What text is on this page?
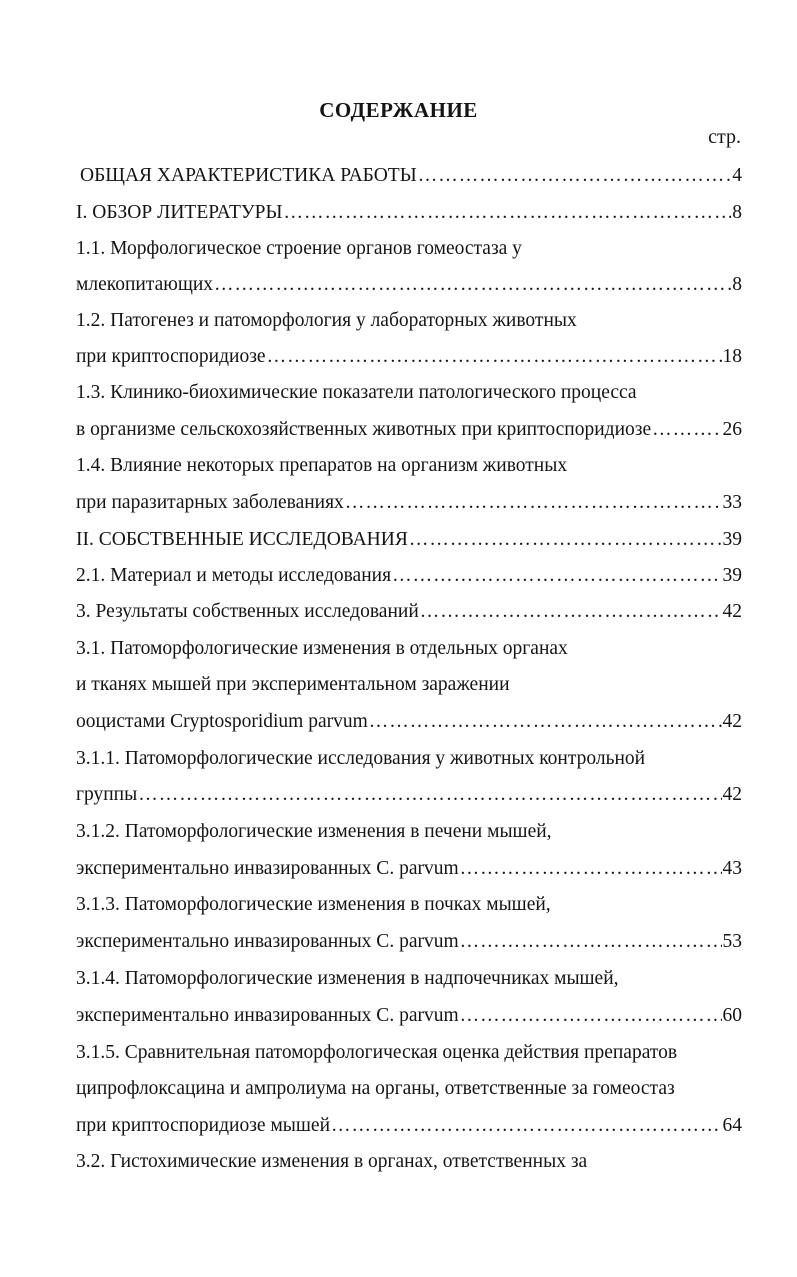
СОДЕРЖАНИЕ
стр.
ОБЩАЯ ХАРАКТЕРИСТИКА РАБОТЫ ……………………………………………………………………………………………………………………………………………	4
I. ОБЗОР ЛИТЕРАТУРЫ ……………………………………………………………………………………………………………………………………………	8
1.1. Морфологическое строение органов гомеостаза у
млекопитающих ……………………………………………………………………………………………………………………………………………	8
1.2. Патогенез и патоморфология у лабораторных животных
при криптоспоридиозе ……………………………………………………………………………………………………………………………………………	18
1.3. Клинико-биохимические показатели патологического процесса
в организме сельскохозяйственных животных при криптоспоридиозе ……………………………………………………………………………………………………………………………………………	26
1.4. Влияние некоторых препаратов на организм животных
при паразитарных заболеваниях ……………………………………………………………………………………………………………………………………………	33
II. СОБСТВЕННЫЕ ИССЛЕДОВАНИЯ ……………………………………………………………………………………………………………………………………………	39
2.1. Материал и методы исследования ……………………………………………………………………………………………………………………………………………	39
3. Результаты собственных исследований ……………………………………………………………………………………………………………………………………………	42
3.1. Патоморфологические изменения в отдельных органах
и тканях мышей при экспериментальном заражении
ооцистами Cryptosporidium parvum ……………………………………………………………………………………………………………………………………………	42
3.1.1. Патоморфологические исследования у животных контрольной
группы ……………………………………………………………………………………………………………………………………………	42
3.1.2. Патоморфологические изменения в печени мышей,
экспериментально инвазированных C. parvum ……………………………………………………………………………………………………………………………………………	43
3.1.3. Патоморфологические изменения в почках мышей,
экспериментально инвазированных C. parvum ……………………………………………………………………………………………………………………………………………	53
3.1.4. Патоморфологические изменения в надпочечниках мышей,
экспериментально инвазированных C. parvum ……………………………………………………………………………………………………………………………………………	60
3.1.5. Сравнительная патоморфологическая оценка действия препаратов
ципрофлоксацина и ампролиума на органы, ответственные за гомеостаз
при криптоспоридиозе мышей ……………………………………………………………………………………………………………………………………………	64
3.2. Гистохимические изменения в органах, ответственных за
